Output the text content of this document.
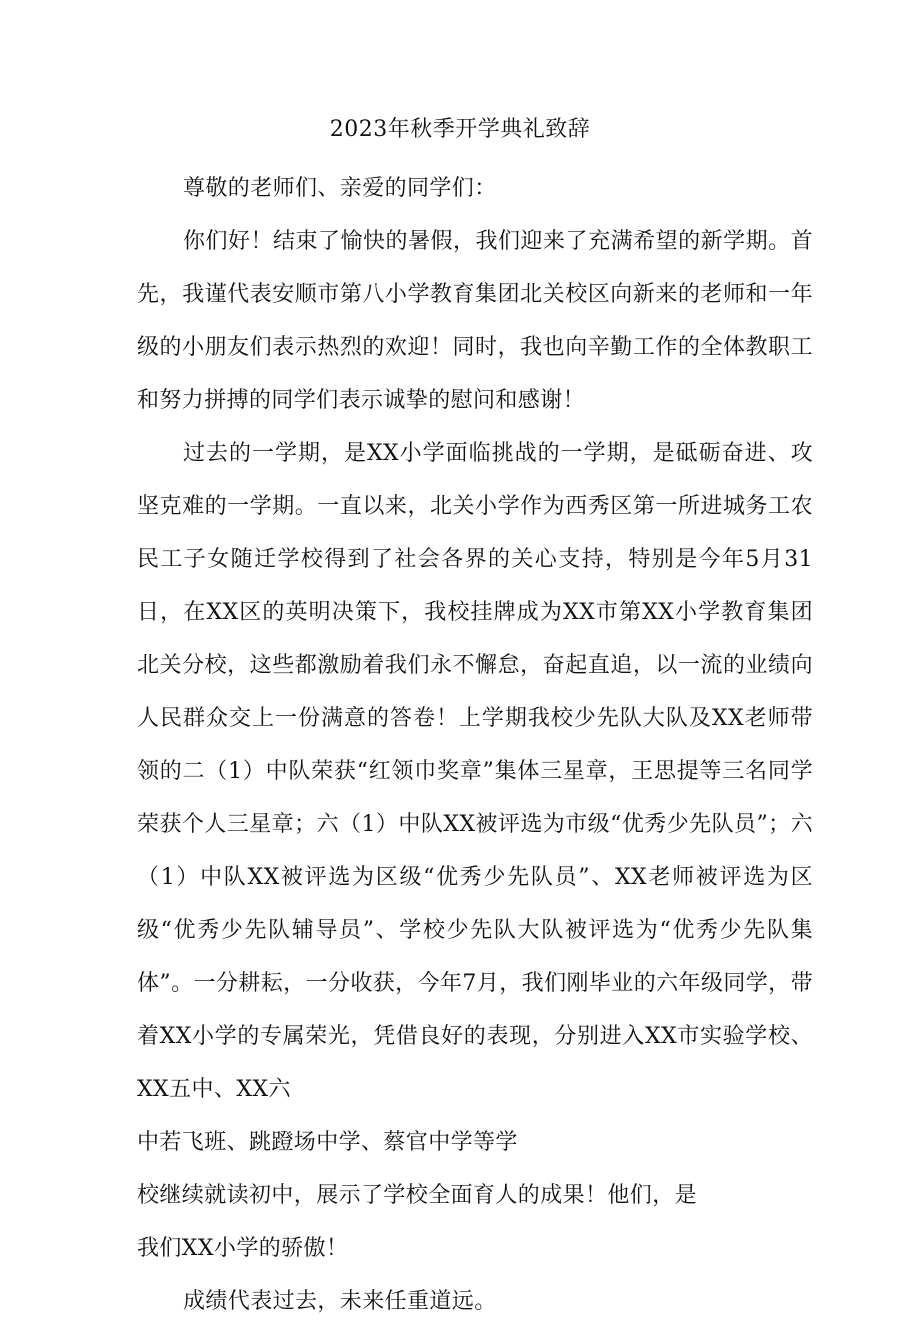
2023年秋季开学典礼致辞

尊敬的老师们、亲爱的同学们：

你们好！结束了愉快的暑假，我们迎来了充满希望的新学期。首先，我谨代表安顺市第八小学教育集团北关校区向新来的老师和一年级的小朋友们表示热烈的欢迎！同时，我也向辛勤工作的全体教职工和努力拼搏的同学们表示诚挚的慰问和感谢！

过去的一学期，是XX小学面临挑战的一学期，是砥砺奋进、攻坚克难的一学期。一直以来，北关小学作为西秀区第一所进城务工农民工子女随迁学校得到了社会各界的关心支持，特别是今年5月31日，在XX区的英明决策下，我校挂牌成为XX市第XX小学教育集团北关分校，这些都激励着我们永不懈怠，奋起直追，以一流的业绩向人民群众交上一份满意的答卷！上学期我校少先队大队及XX老师带领的二（1）中队荣获“红领巾奖章”集体三星章，王思提等三名同学荣获个人三星章；六（1）中队XX被评选为市级“优秀少先队员”；六（1）中队XX被评选为区级“优秀少先队员”、XX老师被评选为区级“优秀少先队辅导员”、学校少先队大队被评选为“优秀少先队集体”。一分耕耘，一分收获，今年7月，我们刚毕业的六年级同学，带着XX小学的专属荣光，凭借良好的表现，分别进入XX市实验学校、XX五中、XX六

中若飞班、跳蹬场中学、蔡官中学等学
校继续就读初中，展示了学校全面育人的成果！他们，是
我们XX小学的骄傲！

成绩代表过去，未来任重道远。
